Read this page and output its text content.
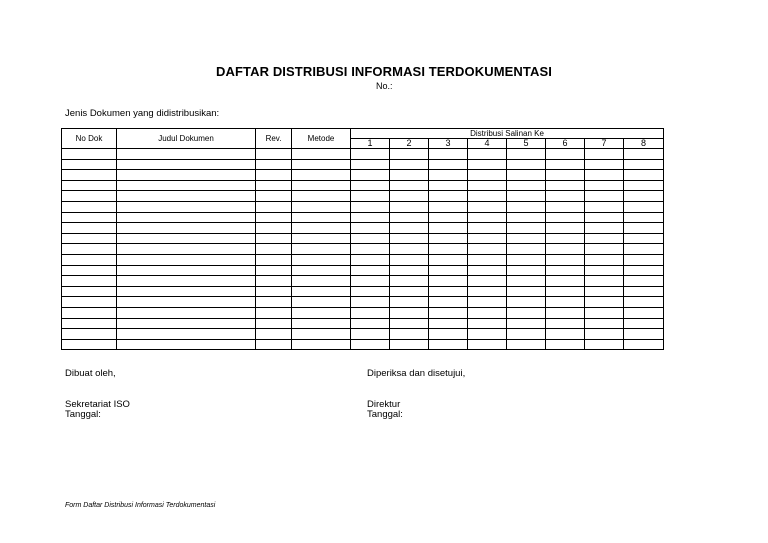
DAFTAR DISTRIBUSI INFORMASI TERDOKUMENTASI
No.:
Jenis Dokumen yang didistribusikan:
No Dok	Judul Dokumen	Rev.	Metode	Distribusi Salinan Ke							
				1	2	3	4	5	6	7	8

Dibuat oleh,
Sekretariat ISO
Tanggal:
Diperiksa dan disetujui,
Direktur
Tanggal:
Form Daftar Distribusi Informasi Terdokumentasi
